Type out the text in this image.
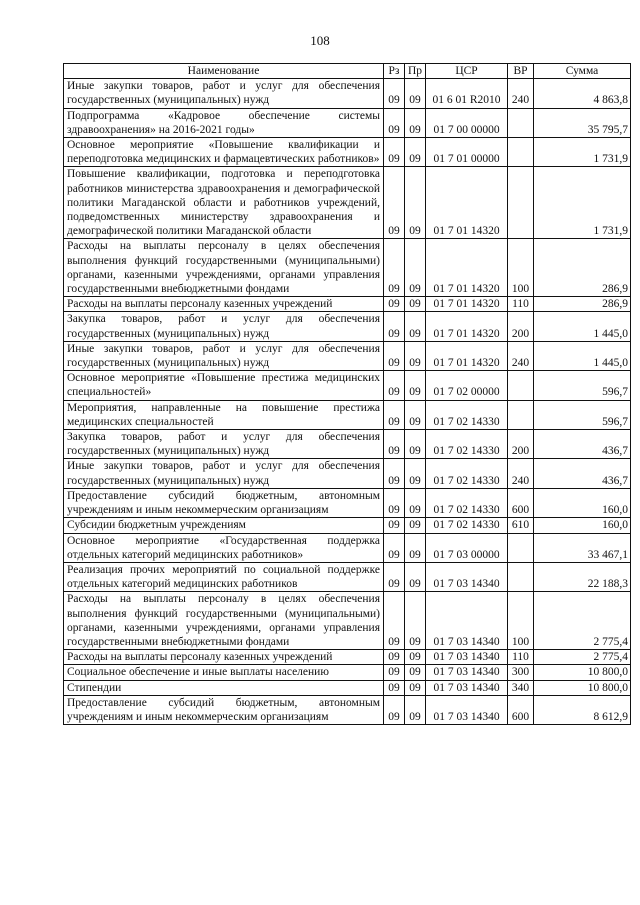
108
Наименование	Рз	Пр	ЦСР	ВР	Сумма
Иные закупки товаров, работ и услуг для обеспечения государственных (муниципальных) нужд	09	09	01 6 01 R2010	240	4 863,8
Подпрограмма «Кадровое обеспечение системы здравоохранения» на 2016-2021 годы»	09	09	01 7 00 00000		35 795,7
Основное мероприятие «Повышение квалификации и переподготовка медицинских и фармацевтических работников»	09	09	01 7 01 00000		1 731,9
Повышение квалификации, подготовка и переподготовка работников министерства здравоохранения и демографической политики Магаданской области и работников учреждений, подведомственных министерству здравоохранения и демографической политики Магаданской области	09	09	01 7 01 14320		1 731,9
Расходы на выплаты персоналу в целях обеспечения выполнения функций государственными (муниципальными) органами, казенными учреждениями, органами управления государственными внебюджетными фондами	09	09	01 7 01 14320	100	286,9
Расходы на выплаты персоналу казенных учреждений	09	09	01 7 01 14320	110	286,9
Закупка товаров, работ и услуг для обеспечения государственных (муниципальных) нужд	09	09	01 7 01 14320	200	1 445,0
Иные закупки товаров, работ и услуг для обеспечения государственных (муниципальных) нужд	09	09	01 7 01 14320	240	1 445,0
Основное мероприятие «Повышение престижа медицинских специальностей»	09	09	01 7 02 00000		596,7
Мероприятия, направленные на повышение престижа медицинских специальностей	09	09	01 7 02 14330		596,7
Закупка товаров, работ и услуг для обеспечения государственных (муниципальных) нужд	09	09	01 7 02 14330	200	436,7
Иные закупки товаров, работ и услуг для обеспечения государственных (муниципальных) нужд	09	09	01 7 02 14330	240	436,7
Предоставление субсидий бюджетным, автономным учреждениям и иным некоммерческим организациям	09	09	01 7 02 14330	600	160,0
Субсидии бюджетным учреждениям	09	09	01 7 02 14330	610	160,0
Основное мероприятие «Государственная поддержка отдельных категорий медицинских работников»	09	09	01 7 03 00000		33 467,1
Реализация прочих мероприятий по социальной поддержке отдельных категорий медицинских работников	09	09	01 7 03 14340		22 188,3
Расходы на выплаты персоналу в целях обеспечения выполнения функций государственными (муниципальными) органами, казенными учреждениями, органами управления государственными внебюджетными фондами	09	09	01 7 03 14340	100	2 775,4
Расходы на выплаты персоналу казенных учреждений	09	09	01 7 03 14340	110	2 775,4
Социальное обеспечение и иные выплаты населению	09	09	01 7 03 14340	300	10 800,0
Стипендии	09	09	01 7 03 14340	340	10 800,0
Предоставление субсидий бюджетным, автономным учреждениям и иным некоммерческим организациям	09	09	01 7 03 14340	600	8 612,9
